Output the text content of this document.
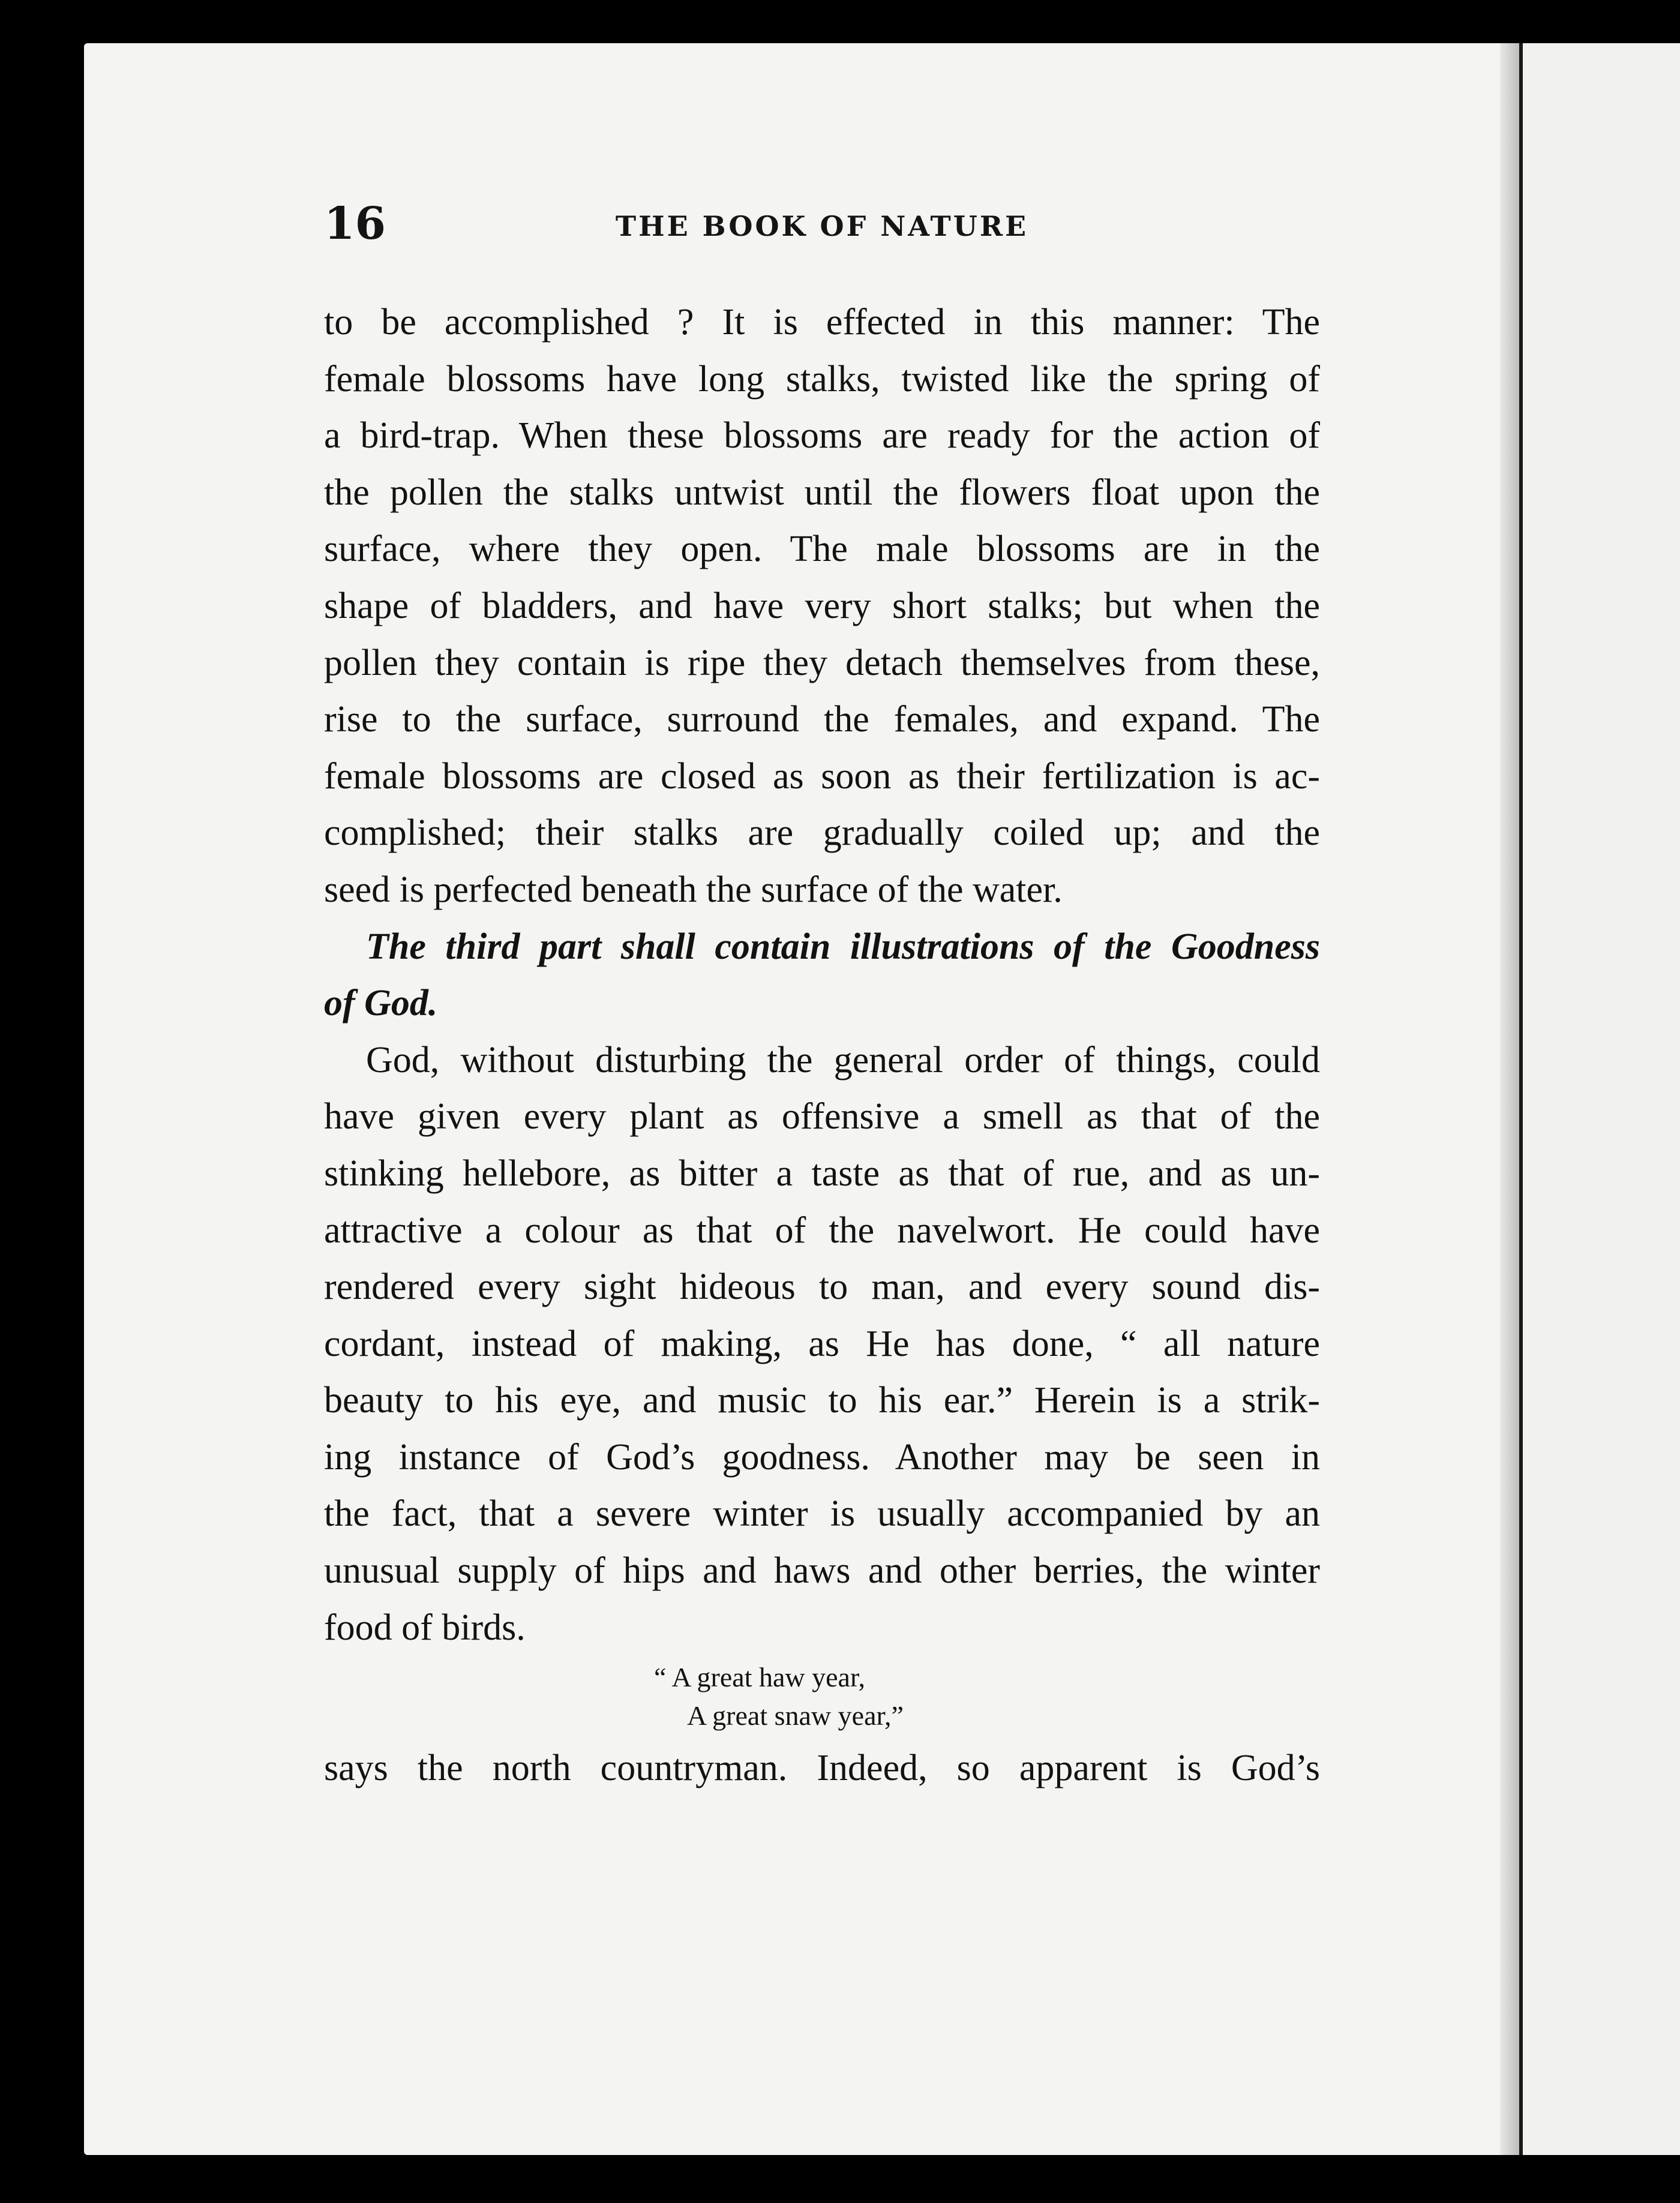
16	THE BOOK OF NATURE
to be accomplished ? It is effected in this manner: The
female blossoms have long stalks, twisted like the spring of
a bird-trap. When these blossoms are ready for the action of
the pollen the stalks untwist until the flowers float upon the
surface, where they open. The male blossoms are in the
shape of bladders, and have very short stalks; but when the
pollen they contain is ripe they detach themselves from these,
rise to the surface, surround the females, and expand. The
female blossoms are closed as soon as their fertilization is ac-
complished; their stalks are gradually coiled up; and the
seed is perfected beneath the surface of the water.
The third part shall contain illustrations of the Goodness
of God.
God, without disturbing the general order of things, could
have given every plant as offensive a smell as that of the
stinking hellebore, as bitter a taste as that of rue, and as un-
attractive a colour as that of the navelwort. He could have
rendered every sight hideous to man, and every sound dis-
cordant, instead of making, as He has done, “ all nature
beauty to his eye, and music to his ear.” Herein is a strik-
ing instance of God’s goodness. Another may be seen in
the fact, that a severe winter is usually accompanied by an
unusual supply of hips and haws and other berries, the winter
food of birds.
“ A great haw year,
A great snaw year,”
says the north countryman. Indeed, so apparent is God’s
